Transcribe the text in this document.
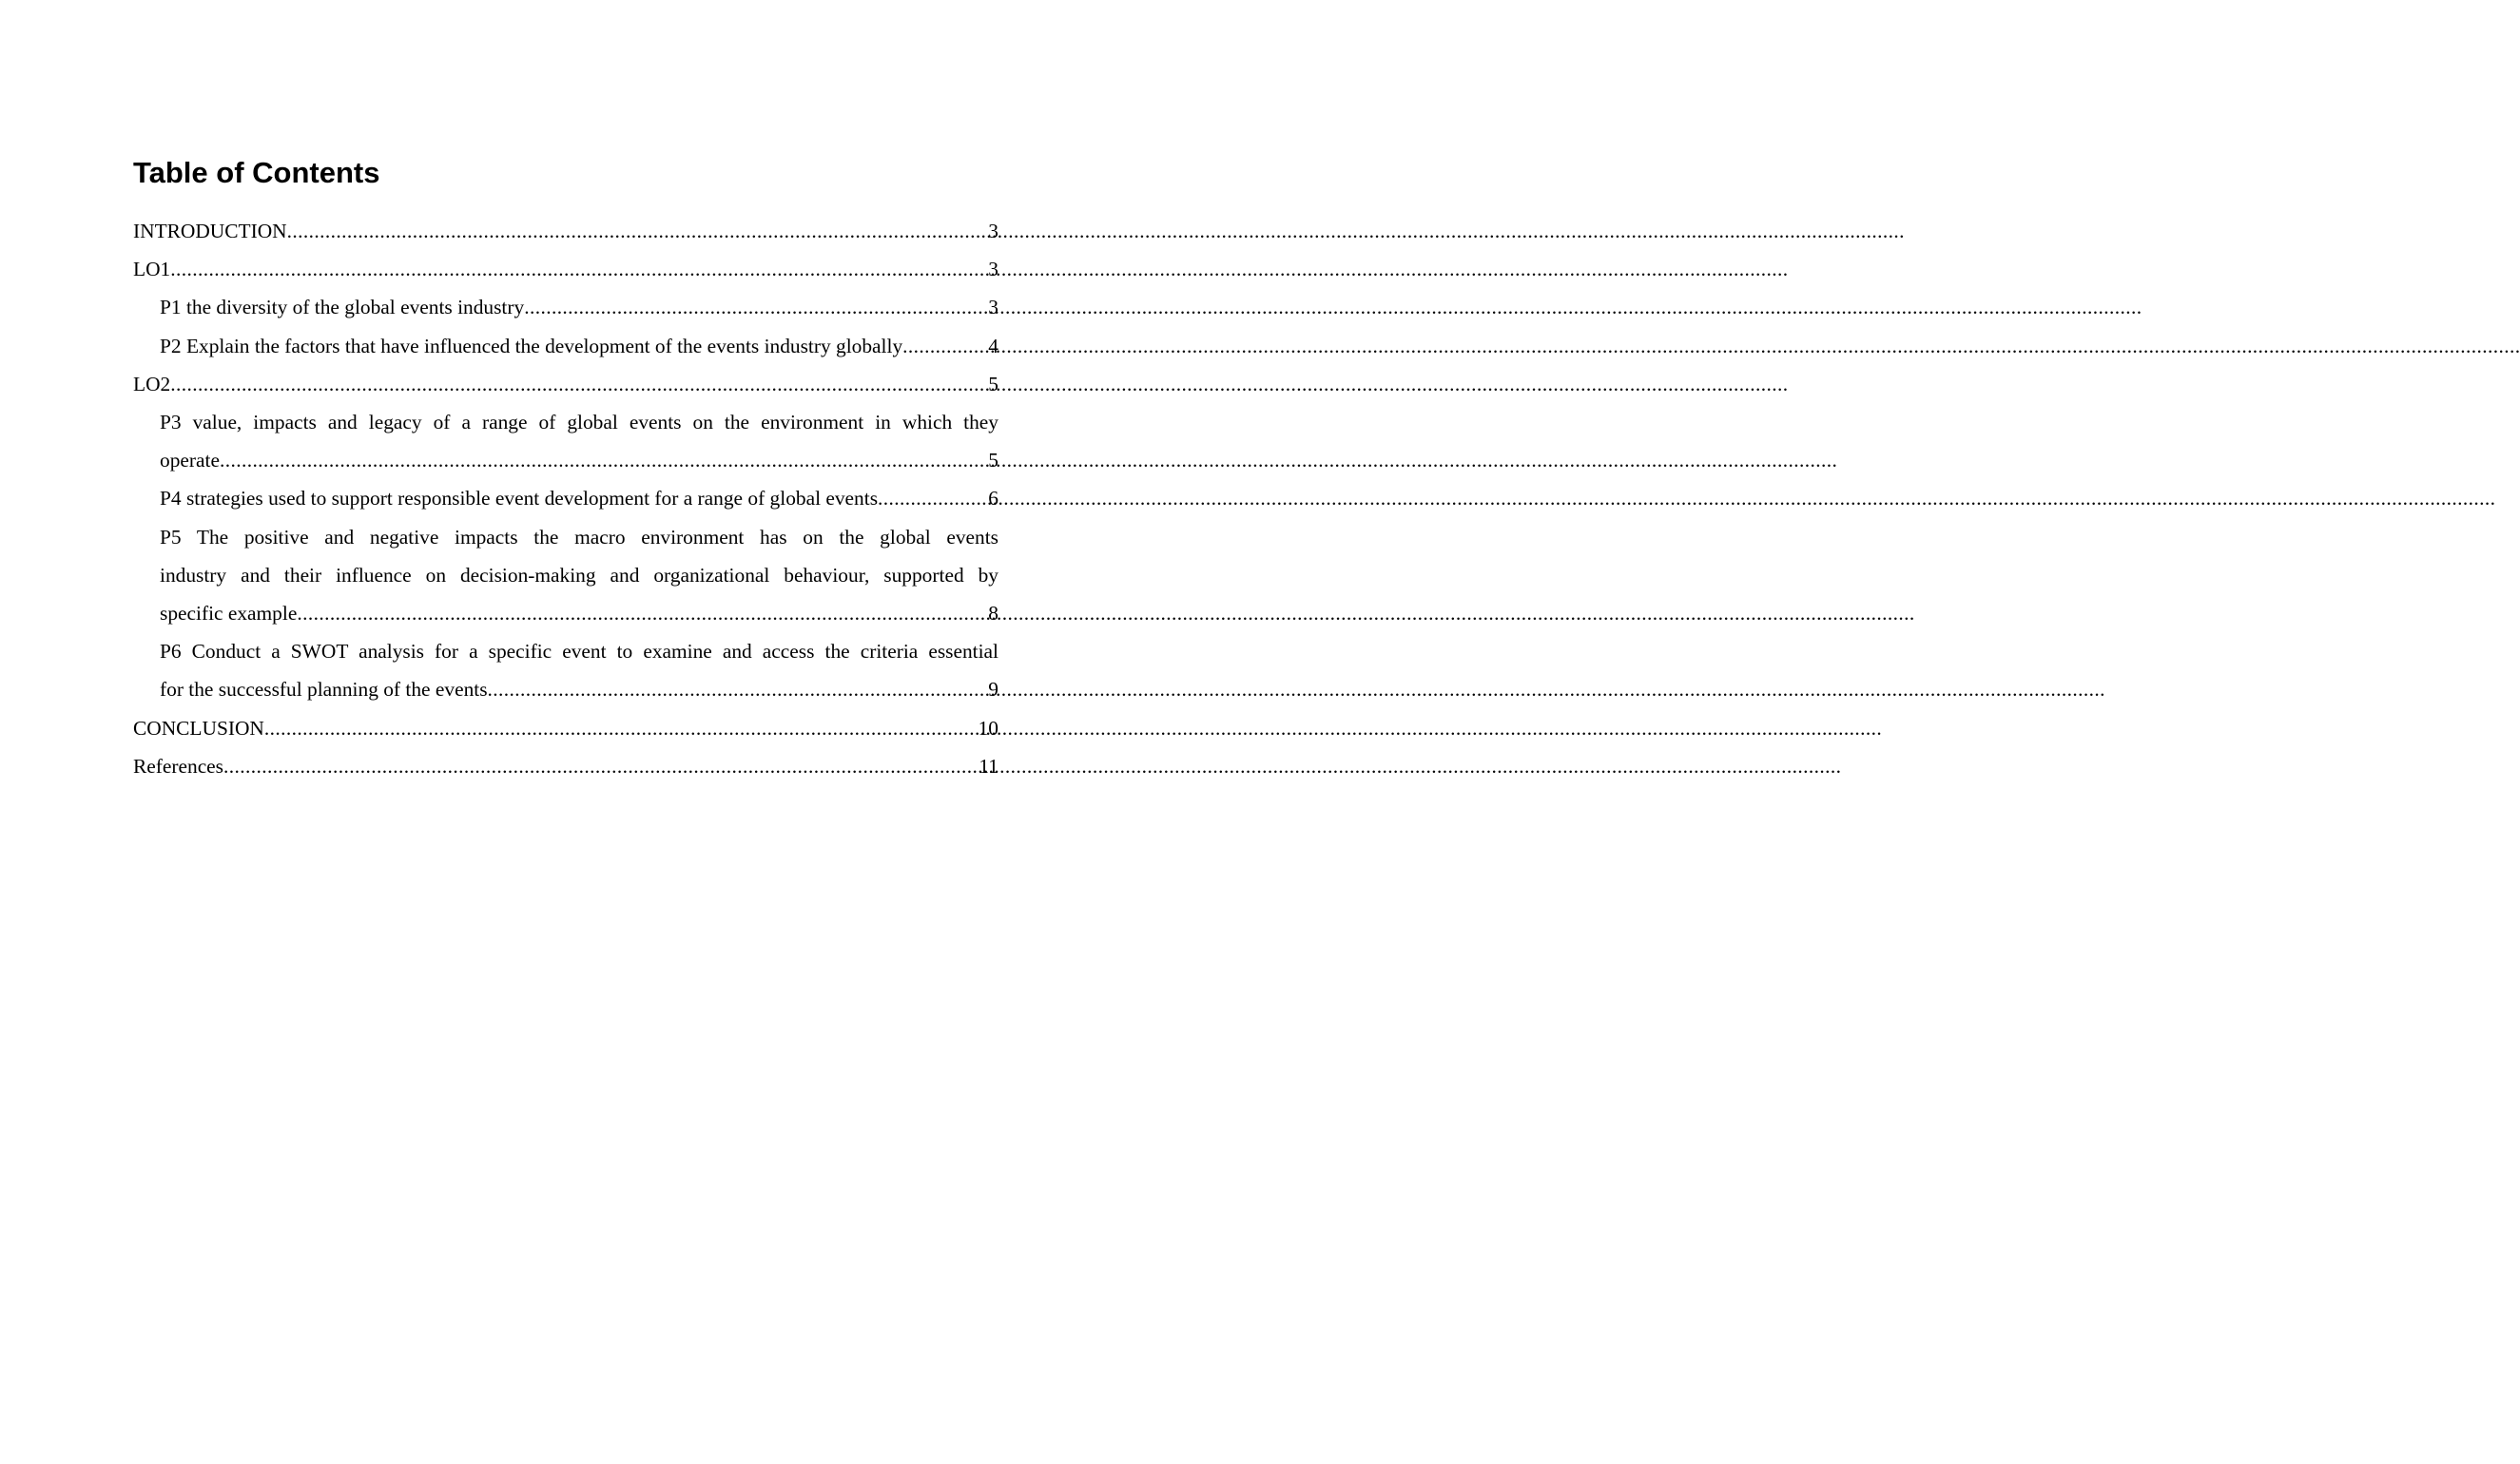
Table of Contents
INTRODUCTION .....	3
LO1 .....	3
P1 the diversity of the global events industry .....	3
P2 Explain the factors that have influenced the development of the events industry globally .....	4
LO2 .....	5
P3 value, impacts and legacy of a range of global events on the environment in which they
operate .....	5
P4 strategies used to support responsible event development for a range of global events .....	6
P5 The positive and negative impacts the macro environment has on the global events
industry and their influence on decision-making and organizational behaviour, supported by
specific example .....	8
P6 Conduct a SWOT analysis for a specific event to examine and access the criteria essential
for the successful planning of the events .....	9
CONCLUSION .....	10
References .....	11
